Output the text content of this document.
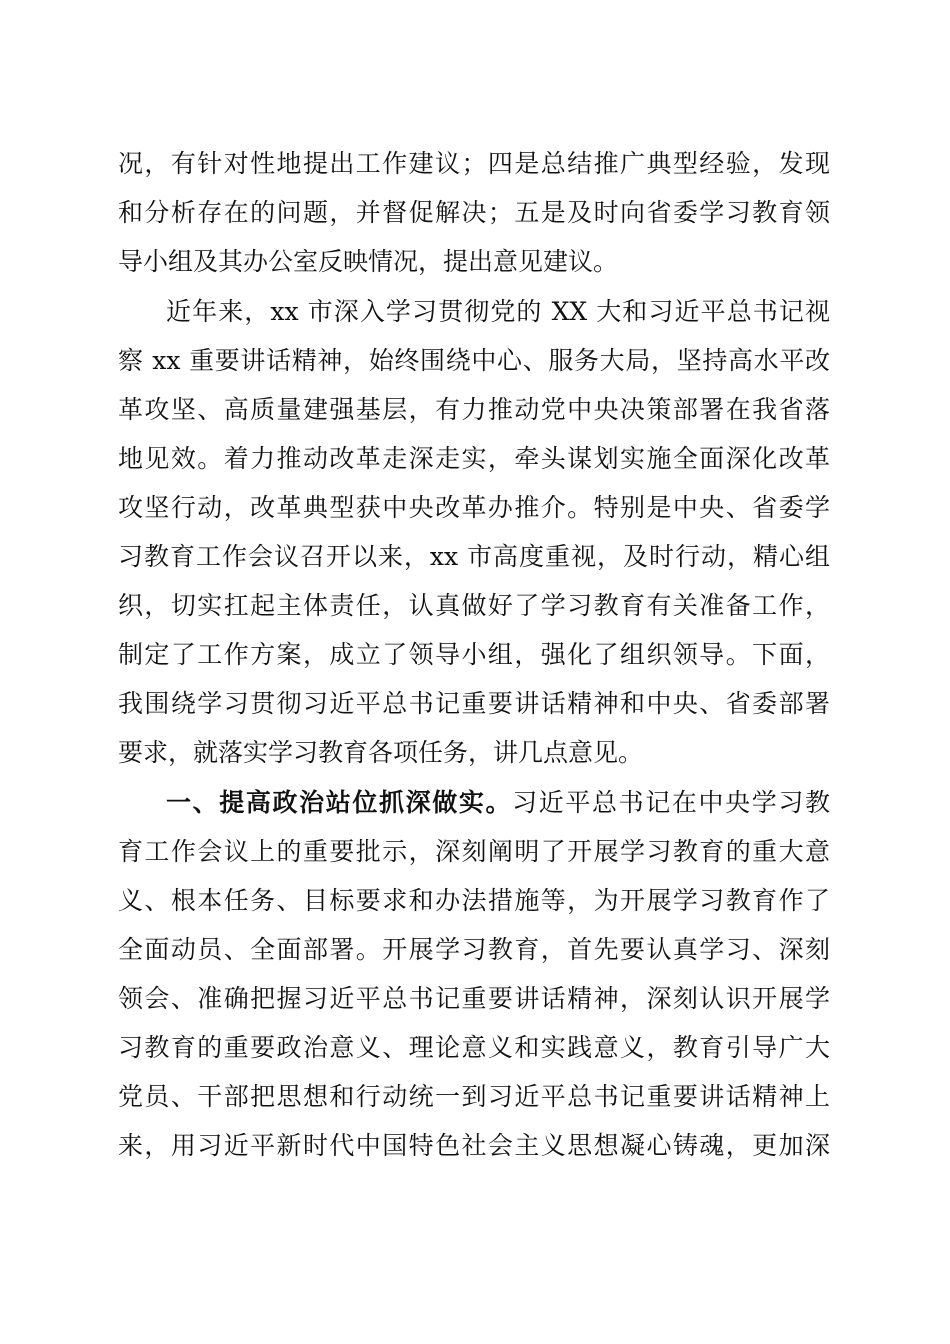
况，有针对性地提出工作建议；四是总结推广典型经验，发现
和分析存在的问题，并督促解决；五是及时向省委学习教育领
导小组及其办公室反映情况，提出意见建议。
近年来，xx 市深入学习贯彻党的 XX 大和习近平总书记视
察 xx 重要讲话精神，始终围绕中心、服务大局，坚持高水平改
革攻坚、高质量建强基层，有力推动党中央决策部署在我省落
地见效。着力推动改革走深走实，牵头谋划实施全面深化改革
攻坚行动，改革典型获中央改革办推介。特别是中央、省委学
习教育工作会议召开以来，xx 市高度重视，及时行动，精心组
织，切实扛起主体责任，认真做好了学习教育有关准备工作，
制定了工作方案，成立了领导小组，强化了组织领导。下面，
我围绕学习贯彻习近平总书记重要讲话精神和中央、省委部署
要求，就落实学习教育各项任务，讲几点意见。
一、提高政治站位抓深做实。习近平总书记在中央学习教
育工作会议上的重要批示，深刻阐明了开展学习教育的重大意
义、根本任务、目标要求和办法措施等，为开展学习教育作了
全面动员、全面部署。开展学习教育，首先要认真学习、深刻
领会、准确把握习近平总书记重要讲话精神，深刻认识开展学
习教育的重要政治意义、理论意义和实践意义，教育引导广大
党员、干部把思想和行动统一到习近平总书记重要讲话精神上
来，用习近平新时代中国特色社会主义思想凝心铸魂，更加深
